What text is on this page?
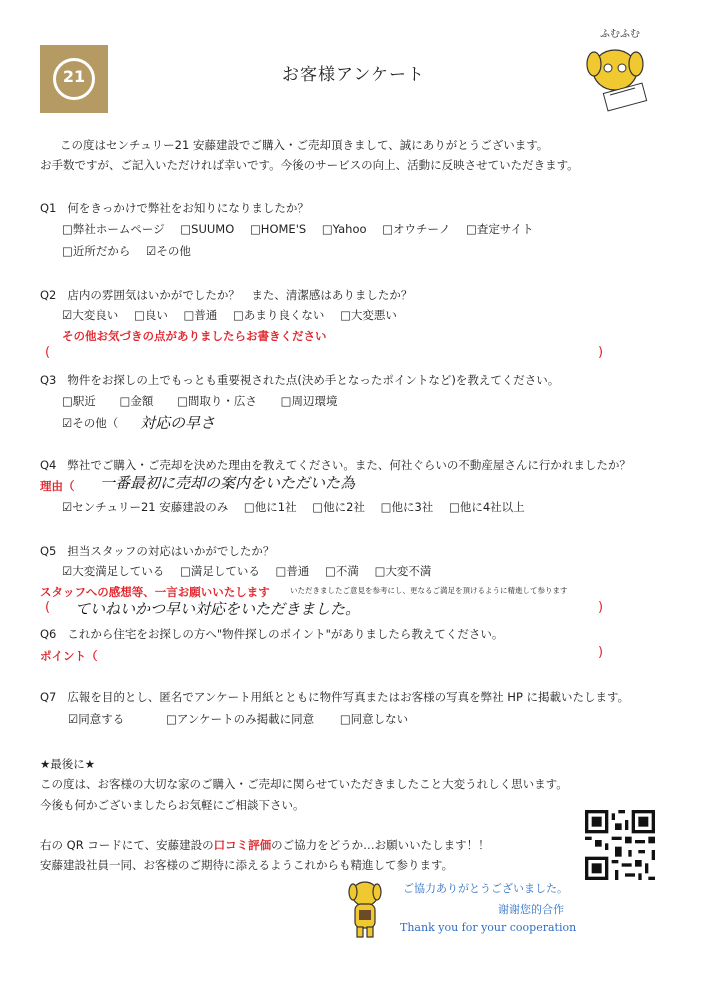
21	お客様アンケート
ふむふむ
この度はセンチュリー21 安藤建設でご購入・ご売却頂きまして、誠にありがとうございます。
お手数ですが、ご記入いただければ幸いです。今後のサービスの向上、活動に反映させていただきます。
Q1 何をきっかけで弊社をお知りになりましたか？
□弊社ホームページ □SUUMO □HOME'S □Yahoo □オウチーノ □査定サイト
□近所だから ☑その他
Q2 店内の雰囲気はいかがでしたか？　また、清潔感はありましたか？
☑大変良い □良い □普通 □あまり良くない □大変悪い
その他お気づきの点がありましたらお書きください
(	)
Q3 物件をお探しの上でもっとも重要視された点(決め手となったポイントなど)を教えてください。
□駅近 □金額 □間取り・広さ □周辺環境
☑その他（ 対応の早さ
Q4 弊社でご購入・ご売却を決めた理由を教えてください。また、何社ぐらいの不動産屋さんに行かれましたか？
理由（ 一番最初に売却の案内をいただいた為
☑センチュリー21 安藤建設のみ □他に1社 □他に2社 □他に3社 □他に4社以上
Q5 担当スタッフの対応はいかがでしたか？
☑大変満足している □満足している □普通 □不満 □大変不満
スタッフへの感想等、一言お願いいたします	いただきましたご意見を参考にし、更なるご満足を頂けるように精進して参ります
( ていねいかつ早い対応をいただきました。	)
Q6 これから住宅をお探しの方へ"物件探しのポイント"がありましたら教えてください。
ポイント（	)
Q7 広報を目的とし、匿名でアンケート用紙とともに物件写真またはお客様の写真を弊社 HP に掲載いたします。
☑同意する	□アンケートのみ掲載に同意 □同意しない
★最後に★
この度は、お客様の大切な家のご購入・ご売却に関らせていただきましたこと大変うれしく思います。
今後も何かございましたらお気軽にご相談下さい。
右の QR コードにて、安藤建設の口コミ評価のご協力をどうか…お願いいたします！！
安藤建設社員一同、お客様のご期待に添えるようこれからも精進して参ります。
ご協力ありがとうございました。
谢谢您的合作
Thank you for your cooperation
